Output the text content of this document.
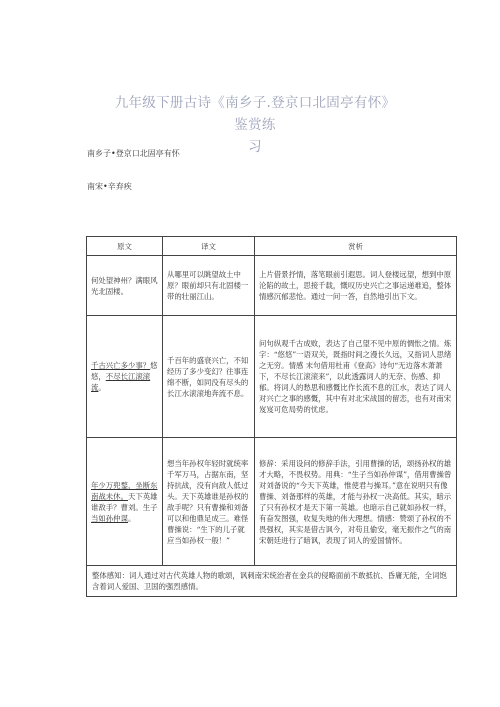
九年级下册古诗《南乡子.登京口北固亭有怀》鉴赏练
习
南乡子•登京口北固亭有怀
南宋•辛弃疾
原文	译文	赏析
何处望神州？满眼风光北固楼。	从哪里可以眺望故土中原？眼前却只有北固楼一带的壮丽江山。	上片借景抒情，落笔眼前引遐思。词人登楼远望，想到中原沦陷的故土，思接千载，慨叹历史兴亡之事运递难追，整体情感沉郁悲怆。通过一问一答，自然地引出下文。
千古兴亡多少事？悠悠，不尽长江滚滚流。	千百年的盛衰兴亡，不知经历了多少变幻？往事连绵不断，如同没有尽头的长江水滚滚地奔流不息。	问句纵观千古成败，表达了自己望不见中原的惆怅之情。炼字：“悠悠”一语双关，既指时间之漫长久远，又指词人思绪之无穷。情感 末句借用杜甫《登高》诗句“无边落木萧萧下，不尽长江滚滚来”，以此透露词人的无奈、伤感、抑郁。将词人的愁思和感慨比作长流不息的江水，表达了词人对兴亡之事的感慨，其中有对北宋战国的留恋，也有对南宋岌岌可危局势的忧虑。
年少万兜鍪，坐断东南战未休。天下英雄谁敌手？曹刘。生子当如孙仲谋。	想当年孙权年轻时就统率千军万马，占据东南，坚持抗战，没有向敌人低过头。天下英雄谁是孙权的敌手呢？只有曹操和刘备可以和他鼎足成三。难怪曹操说：“生下的儿子就应当如孙权一般！”	修辞：采用设问的修辞手法，引用曹操的话，颂扬孙权的雄才大略，不畏权势。用典：“生子当如孙仲谋”，借用曹操曾对刘备说的“今天下英雄，惟使君与操耳。”意在说明只有像曹操、刘备那样的英雄，才能与孙权一决高低。其实，暗示了只有孙权才是天下第一英雄。也暗示自己就如孙权一样，有奋发图强，收复失地的伟大理想。情感：赞颂了孙权的不畏强权，其实是借古讽今，对苟且偷安，毫无振作之气的南宋朝廷进行了暗讽，表现了词人的爱国情怀。
整体感知：词人通过对古代英雄人物的歌颂，讽刺南宋统治者在金兵的侵略面前不敢抵抗、昏庸无能，全词饱含着词人爱国、卫国的强烈感情。		
